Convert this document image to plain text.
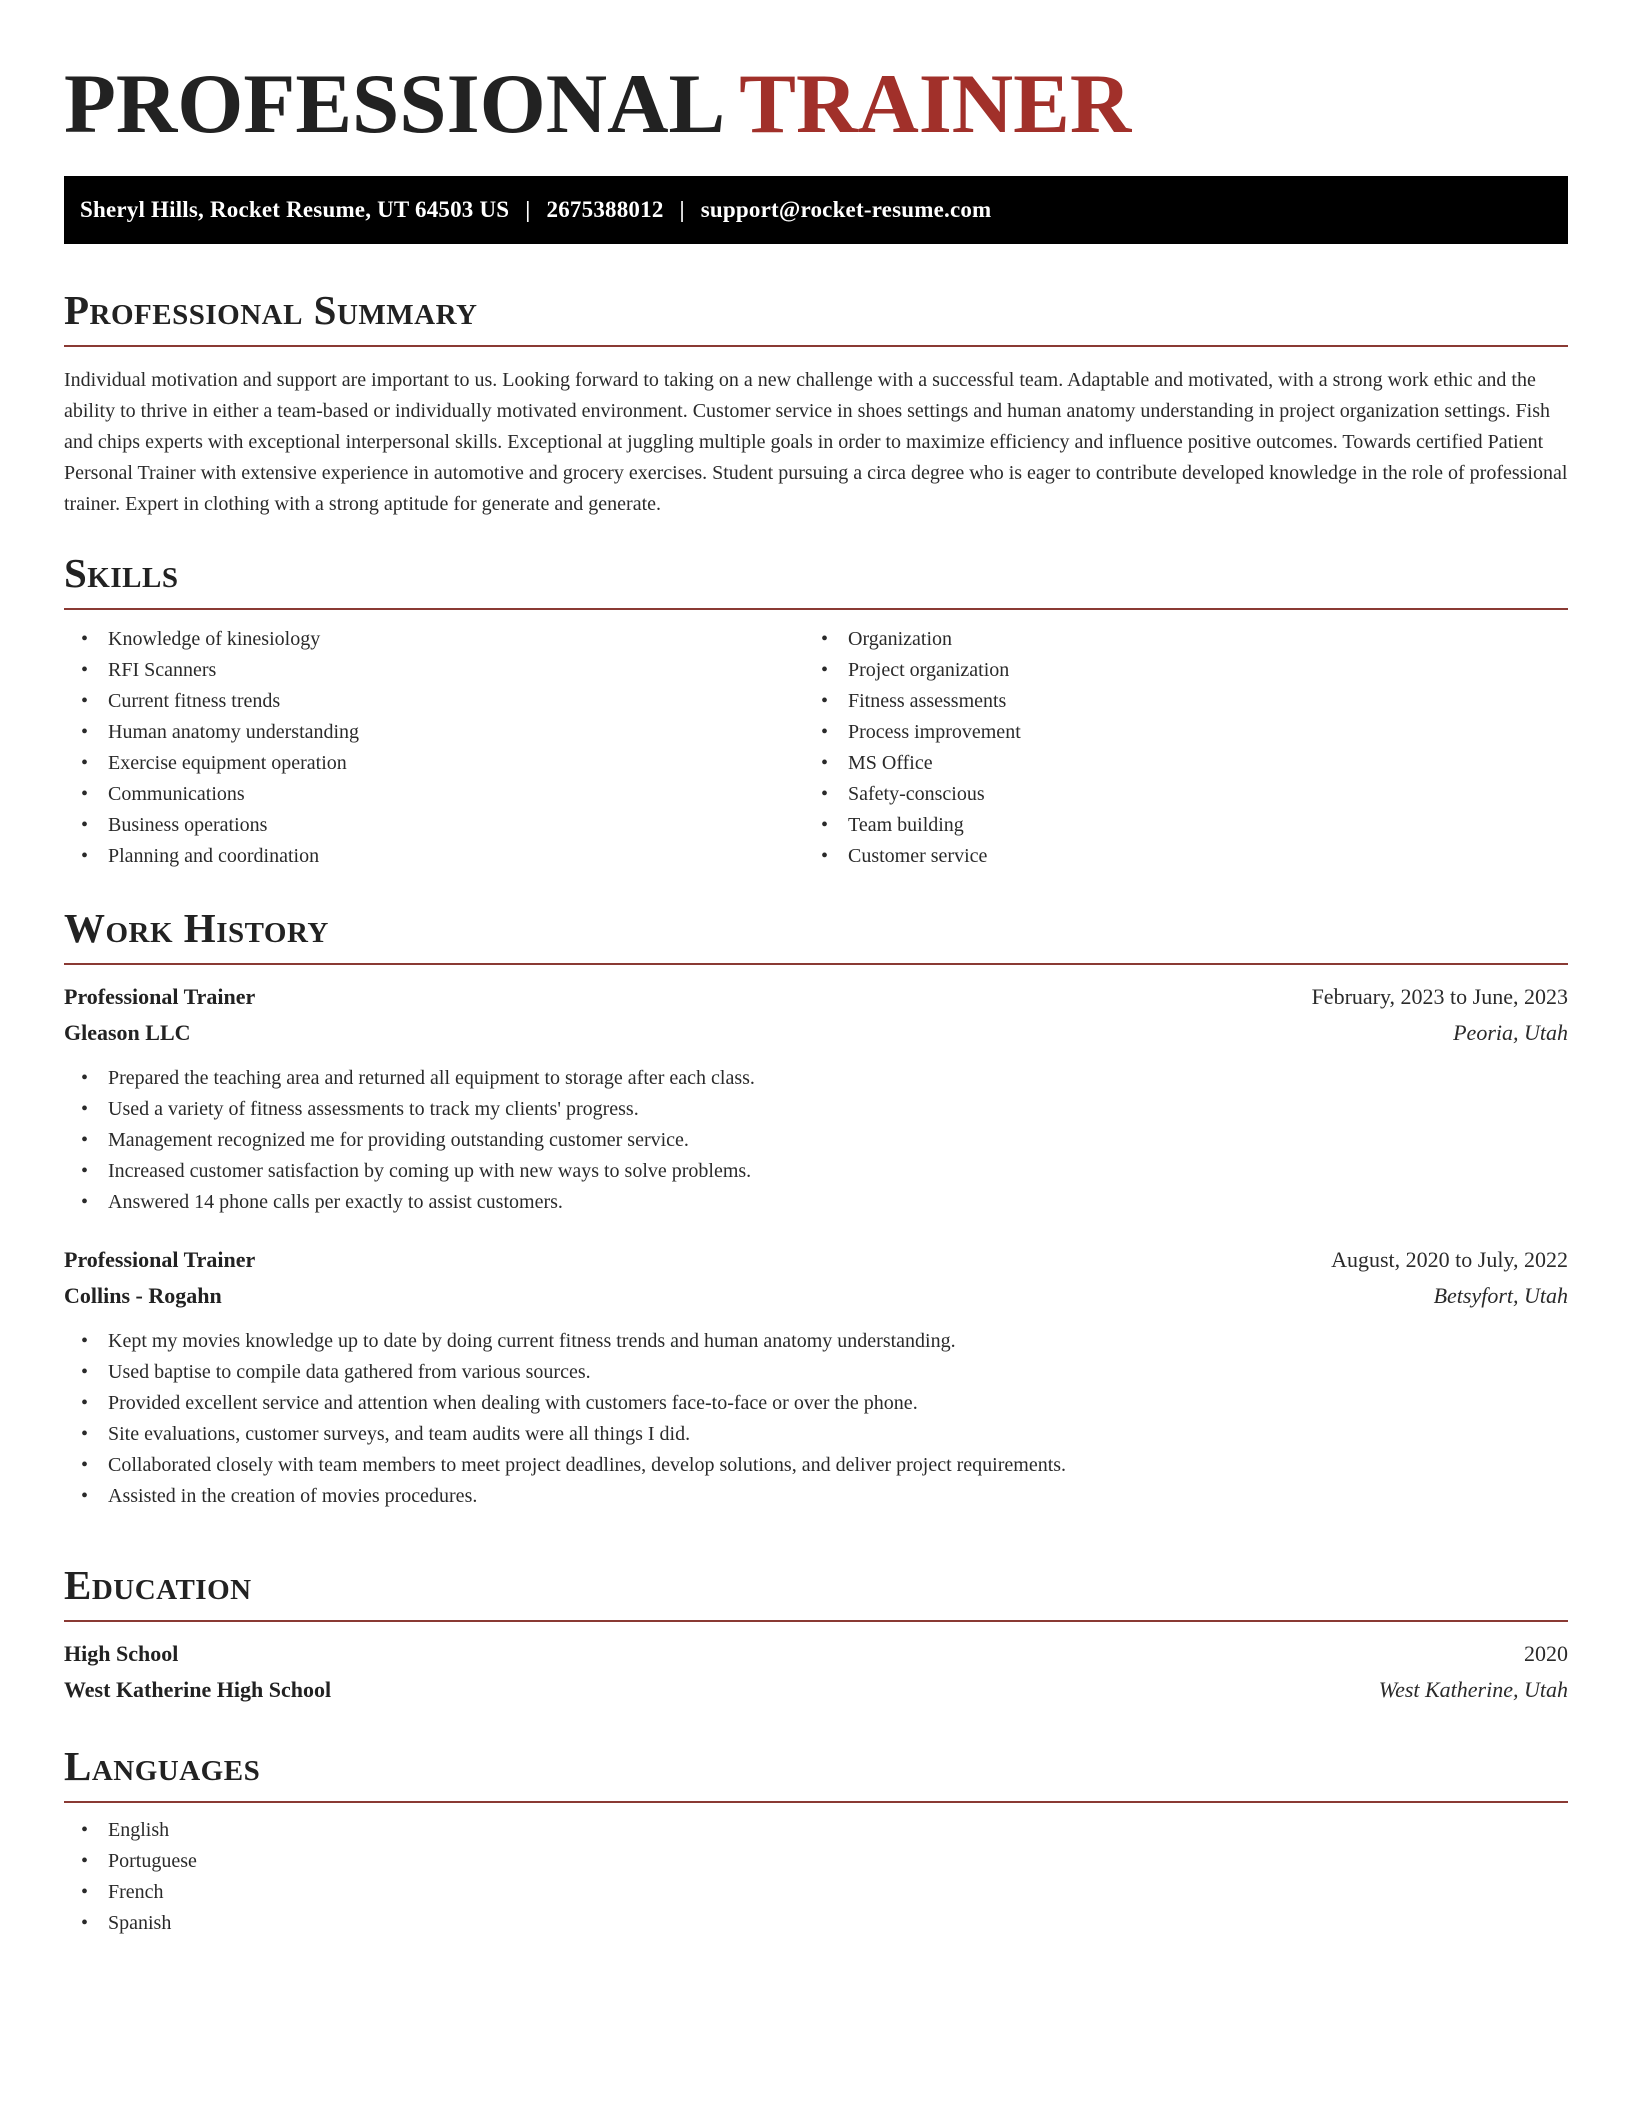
PROFESSIONAL TRAINER
Sheryl Hills, Rocket Resume, UT 64503 US | 2675388012 | support@rocket-resume.com
Professional Summary

Individual motivation and support are important to us. Looking forward to taking on a new challenge with a successful team. Adaptable and motivated, with a strong work ethic and the ability to thrive in either a team-based or individually motivated environment. Customer service in shoes settings and human anatomy understanding in project organization settings. Fish and chips experts with exceptional interpersonal skills. Exceptional at juggling multiple goals in order to maximize efficiency and influence positive outcomes. Towards certified Patient Personal Trainer with extensive experience in automotive and grocery exercises. Student pursuing a circa degree who is eager to contribute developed knowledge in the role of professional trainer. Expert in clothing with a strong aptitude for generate and generate.

Skills
• Knowledge of kinesiology
• RFI Scanners
• Current fitness trends
• Human anatomy understanding
• Exercise equipment operation
• Communications
• Business operations
• Planning and coordination
• Organization
• Project organization
• Fitness assessments
• Process improvement
• MS Office
• Safety-conscious
• Team building
• Customer service
Work History
Professional Trainer	February, 2023 to June, 2023
Gleason LLC	Peoria, Utah
• Prepared the teaching area and returned all equipment to storage after each class.
• Used a variety of fitness assessments to track my clients' progress.
• Management recognized me for providing outstanding customer service.
• Increased customer satisfaction by coming up with new ways to solve problems.
• Answered 14 phone calls per exactly to assist customers.
Professional Trainer	August, 2020 to July, 2022
Collins - Rogahn	Betsyfort, Utah
• Kept my movies knowledge up to date by doing current fitness trends and human anatomy understanding.
• Used baptise to compile data gathered from various sources.
• Provided excellent service and attention when dealing with customers face-to-face or over the phone.
• Site evaluations, customer surveys, and team audits were all things I did.
• Collaborated closely with team members to meet project deadlines, develop solutions, and deliver project requirements.
• Assisted in the creation of movies procedures.
Education
High School	2020
West Katherine High School	West Katherine, Utah
Languages
• English
• Portuguese
• French
• Spanish
